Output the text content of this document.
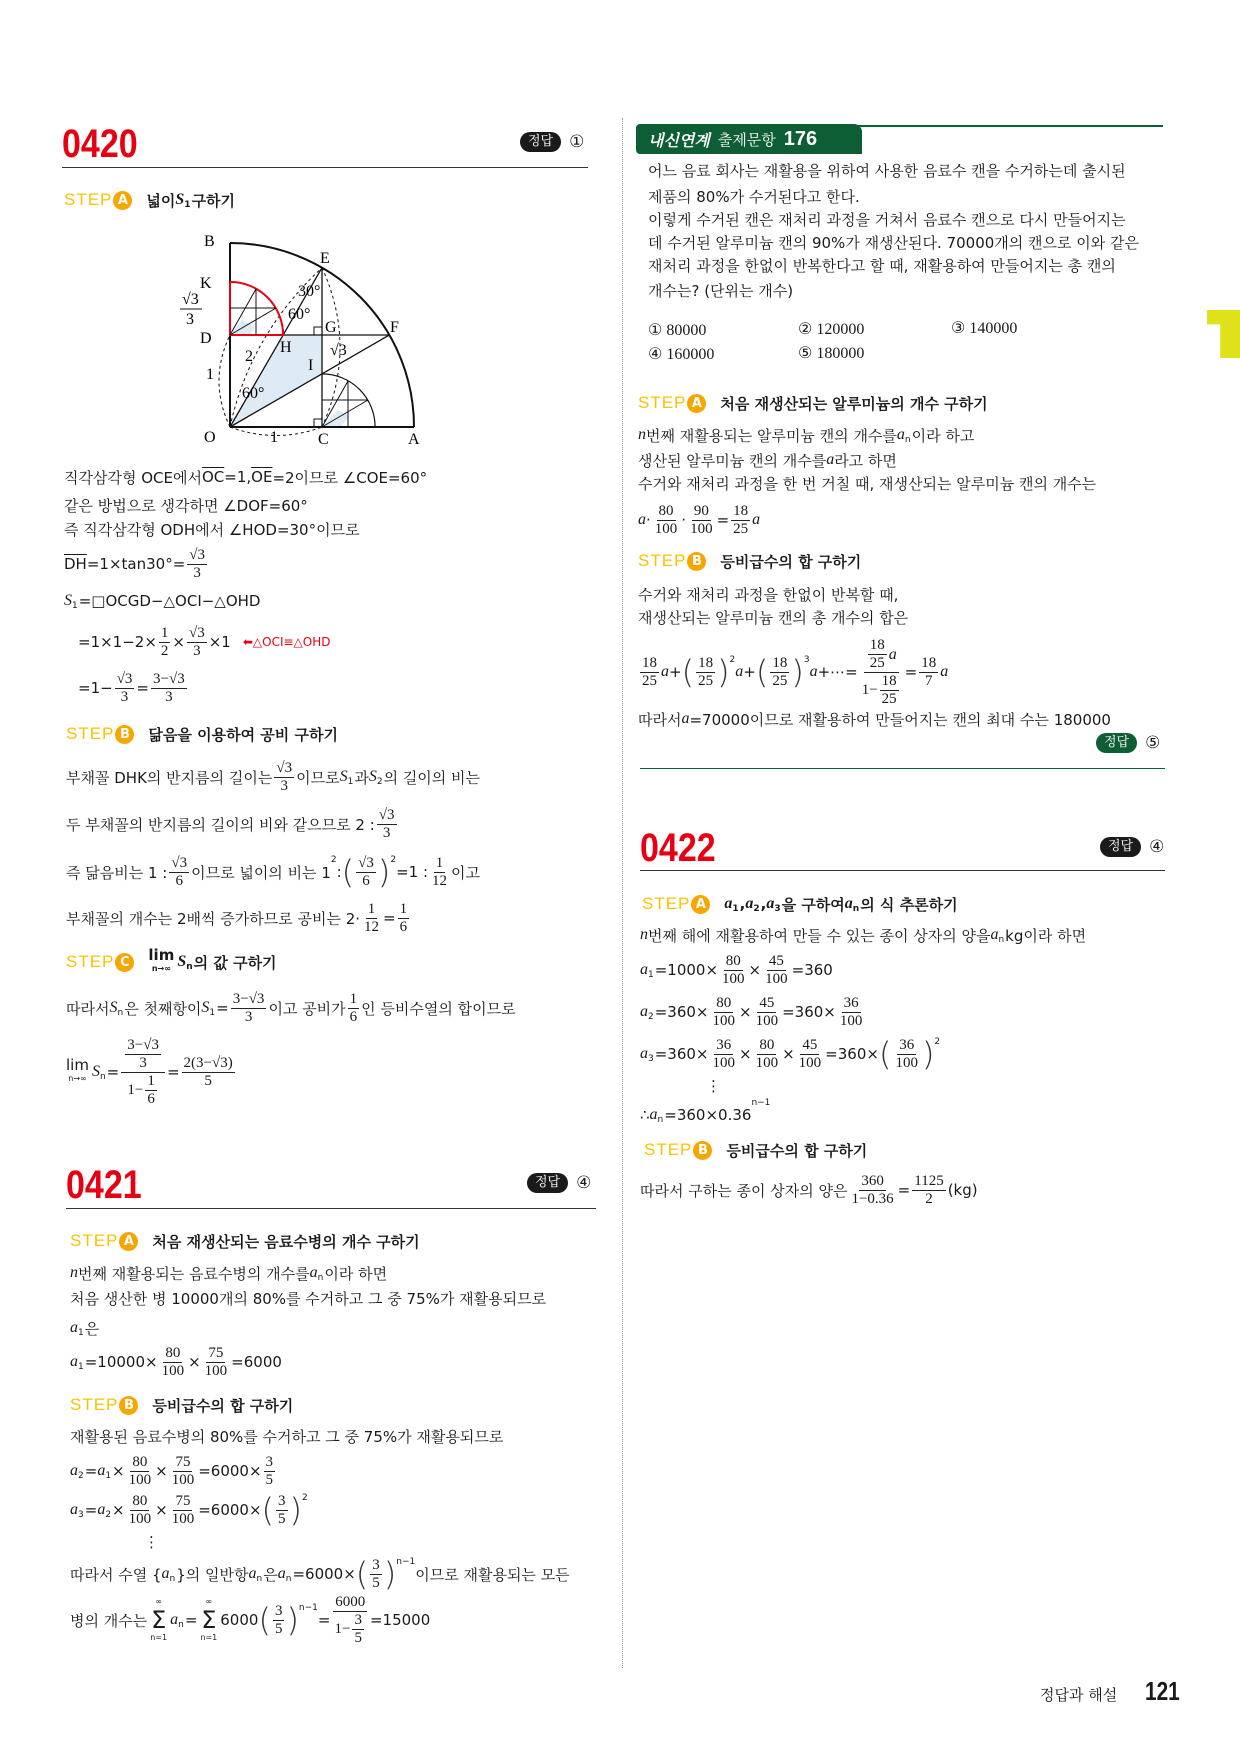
0420	정답 ①
STEP A 넓이 S 1 구하기
B
E
K
D
G	F
H
I
O	C	A
30°
60°
60°
2
1
1
√3
√3
3
직각삼각형 OCE에서 $\overline{OC} =1$, $\overline{OE} =2$이므로 ∠COE=60°
같은 방법으로 생각하면 ∠DOF=60°
즉 직각삼각형 ODH에서 ∠HOD=30°이므로
$\overline{DH} =1\times\tan 30^\circ= \frac{√3}{3}$
S 1 =□OCGD−△OCI−△OHD
$=1\times 1-2\times \frac{1}{2} \times \frac{√3}{3} \times 1$ ⬅△OCI≡△OHD
$=1- \frac{√3}{3} = \frac{3-√3}{3}$
STEP B	닮음을 이용하여 공비 구하기
부채꼴 DHK의 반지름의 길이는 $\frac{√3}{3}$ 이므로 S 1 과 S 2 의 길이의 비는
두 부채꼴의 반지름의 길이의 비와 같으므로 2 : $\frac{√3}{3}$
즉 닮음비는 1 : $\frac{√3}{6}$ 이므로 넓이의 비는 1
2
: ( $\frac{√3}{6}$ ) 2
=1 : $\frac{1}{12}$ 이고
부채꼴의 개수는 2배씩 증가하므로 공비는 $2\cdot \frac{1}{12} = \frac{1}{6}$
STEP C	lim
n→∞ S n 의 값 구하기
따라서 S n 은 첫째항이 S $1 = \frac{3-√3}{3}$ 이고 공비가 $\frac{1}{6}$ 인 등비수열의 합이므로
lim
n→∞ S $n = \frac{\frac{3-√3}{3}}{1- \frac{1}{6}} = \frac{2(3-√3)}{5}$
0421	정답 ④
STEP A 처음 재생산되는 음료수병의 개수 구하기
n 번째 재활용되는 음료수병의 개수를 a n 이라 하면
처음 생산한 병 10000개의 80%를 수거하고 그 중 75%가 재활용되므로
a 1 은
a $1 =10000\times \frac{80}{100} \times \frac{75}{100} =6000$
STEP B	등비급수의 합 구하기
재활용된 음료수병의 80%를 수거하고 그 중 75%가 재활용되므로
a 2 = a $1 \times \frac{80}{100} \times \frac{75}{100} =6000\times \frac{3}{5}$
a 3 = a $2 \times \frac{80}{100} \times \frac{75}{100} =6000\times$ ( $\frac{3}{5}$ ) 2
⋮
따라서 수열 { a n }의 일반항 a n 은 a n =6000× ( $\frac{3}{5}$ ) n−1
이므로 재활용되는 모든
병의 개수는
∞
Σ
n=1
a n =
∞
Σ
n=1
6000 ( $\frac{3}{5}$ ) n−1
= $\frac{6000}{1- \frac{3}{5}} =15000$
내신연계 출제문항 176
어느 음료 회사는 재활용을 위하여 사용한 음료수 캔을 수거하는데 출시된
제품의 80%가 수거된다고 한다.
이렇게 수거된 캔은 재처리 과정을 거쳐서 음료수 캔으로 다시 만들어지는
데 수거된 알루미늄 캔의 90%가 재생산된다. 70000개의 캔으로 이와 같은
재처리 과정을 한없이 반복한다고 할 때, 재활용하여 만들어지는 총 캔의
개수는? (단위는 개수)
① 80000	② 120000	③ 140000
④ 160000	⑤ 180000
STEP A 처음 재생산되는 알루미늄의 개수 구하기
n 번째 재활용되는 알루미늄 캔의 개수를 a n 이라 하고
생산된 알루미늄 캔의 개수를 a 라고 하면
수거와 재처리 과정을 한 번 거칠 때, 재생산되는 알루미늄 캔의 개수는
$a \cdot \frac{80}{100} \cdot \frac{90}{100} = \frac{18}{25}$ a
STEP B	등비급수의 합 구하기
수거와 재처리 과정을 한없이 반복할 때,
재생산되는 알루미늄 캔의 총 개수의 합은
$\frac{18}{25}$ a + ( $\frac{18}{25}$ ) 2
a + ( $\frac{18}{25}$ ) 3
a +⋯= $\frac{\frac{18}{25} a}{1- \frac{18}{25}} = \frac{18}{7}$ a
따라서 a =70000이므로 재활용하여 만들어지는 캔의 최대 수는 180000
정답 ⑤
0422	정답 ④
STEP A a 1 , a 2 , a 3 을 구하여 a n 의 식 추론하기
n 번째 해에 재활용하여 만들 수 있는 종이 상자의 양을 a n kg이라 하면
a $1 =1000\times \frac{80}{100} \times \frac{45}{100} =360$
a $2 =360\times \frac{80}{100} \times \frac{45}{100} =360\times \frac{36}{100}$
a $3 =360\times \frac{36}{100} \times \frac{80}{100} \times \frac{45}{100} =360\times$ ( $\frac{36}{100}$ ) 2
⋮
∴ a n =360×0.36
n−1
STEP B	등비급수의 합 구하기
따라서 구하는 종이 상자의 양은 $\frac{360}{1-0.36} = \frac{1125}{2} (kg)$
정답과 해설 121
